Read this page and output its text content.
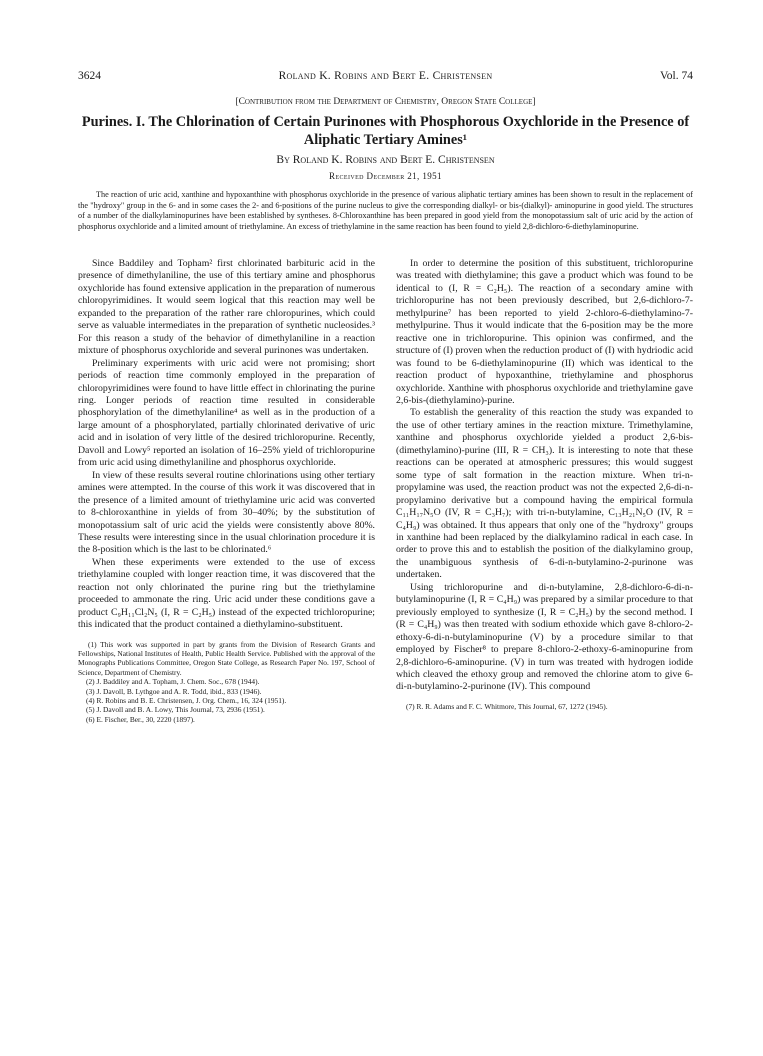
3624	Roland K. Robins and Bert E. Christensen	Vol. 74
[Contribution from the Department of Chemistry, Oregon State College]
Purines. I. The Chlorination of Certain Purinones with Phosphorous Oxychloride in the Presence of Aliphatic Tertiary Amines¹
By Roland K. Robins and Bert E. Christensen
Received December 21, 1951

The reaction of uric acid, xanthine and hypoxanthine with phosphorus oxychloride in the presence of various aliphatic tertiary amines has been shown to result in the replacement of the "hydroxy" group in the 6- and in some cases the 2- and 6-positions of the purine nucleus to give the corresponding dialkyl- or bis-(dialkyl)- aminopurine in good yield. The structures of a number of the dialkylaminopurines have been established by syntheses. 8-Chloroxanthine has been prepared in good yield from the monopotassium salt of uric acid by the action of phosphorus oxychloride and a limited amount of triethylamine. An excess of triethylamine in the same reaction has been found to yield 2,8-dichloro-6-diethylaminopurine.

Since Baddiley and Topham² first chlorinated barbituric acid in the presence of dimethylaniline, the use of this tertiary amine and phosphorus oxychloride has found extensive application in the preparation of numerous chloropyrimidines. It would seem logical that this reaction may well be expanded to the preparation of the rather rare chloropurines, which could serve as valuable intermediates in the preparation of synthetic nucleosides.³ For this reason a study of the behavior of dimethylaniline in a reaction mixture of phosphorus oxychloride and several purinones was undertaken.

Preliminary experiments with uric acid were not promising; short periods of reaction time commonly employed in the preparation of chloropyrimidines were found to have little effect in chlorinating the purine ring. Longer periods of reaction time resulted in considerable phosphorylation of the dimethylaniline⁴ as well as in the production of a large amount of a phosphorylated, partially chlorinated derivative of uric acid and in isolation of very little of the desired trichloropurine. Recently, Davoll and Lowy⁵ reported an isolation of 16–25% yield of trichloropurine from uric acid using dimethylaniline and phosphorus oxychloride.

In view of these results several routine chlorinations using other tertiary amines were attempted. In the course of this work it was discovered that in the presence of a limited amount of triethylamine uric acid was converted to 8-chloroxanthine in yields of from 30–40%; by the substitution of monopotassium salt of uric acid the yields were consistently above 80%. These results were interesting since in the usual chlorination procedure it is the 8-position which is the last to be chlorinated.⁶

When these experiments were extended to the use of excess triethylamine coupled with longer reaction time, it was discovered that the reaction not only chlorinated the purine ring but the triethylamine proceeded to ammonate the ring. Uric acid under these conditions gave a product C₉H₁₁Cl₂N₅ (I, R = C₂H₅) instead of the expected trichloropurine; this indicated that the product contained a diethylamino-substituent.

(1) This work was supported in part by grants from the Division of Research Grants and Fellowships, National Institutes of Health, Public Health Service. Published with the approval of the Monographs Publications Committee, Oregon State College, as Research Paper No. 197, School of Science, Department of Chemistry.

(2) J. Baddiley and A. Topham, J. Chem. Soc., 678 (1944).

(3) J. Davoll, B. Lythgoe and A. R. Todd, ibid., 833 (1946).

(4) R. Robins and B. E. Christensen, J. Org. Chem., 16, 324 (1951).

(5) J. Davoll and B. A. Lowy, This Journal, 73, 2936 (1951).

(6) E. Fischer, Ber., 30, 2220 (1897).

In order to determine the position of this substituent, trichloropurine was treated with diethylamine; this gave a product which was found to be identical to (I, R = C₂H₅). The reaction of a secondary amine with trichloropurine has not been previously described, but 2,6-dichloro-7-methylpurine⁷ has been reported to yield 2-chloro-6-diethylamino-7-methylpurine. Thus it would indicate that the 6-position may be the more reactive one in trichloropurine. This opinion was confirmed, and the structure of (I) proven when the reduction product of (I) with hydriodic acid was found to be 6-diethylaminopurine (II) which was identical to the reaction product of hypoxanthine, triethylamine and phosphorus oxychloride. Xanthine with phosphorus oxychloride and triethylamine gave 2,6-bis-(diethylamino)-purine.

To establish the generality of this reaction the study was expanded to the use of other tertiary amines in the reaction mixture. Trimethylamine, xanthine and phosphorus oxychloride yielded a product 2,6-bis-(dimethylamino)-purine (III, R = CH₃). It is interesting to note that these reactions can be operated at atmospheric pressures; this would suggest some type of salt formation in the reaction mixture. When tri-n-propylamine was used, the reaction product was not the expected 2,6-di-n-propylamino derivative but a compound having the empirical formula C₁₁H₁₇N₅O (IV, R = C₃H₇); with tri-n-butylamine, C₁₃H₂₁N₅O (IV, R = C₄H₉) was obtained. It thus appears that only one of the "hydroxy" groups in xanthine had been replaced by the dialkylamino radical in each case. In order to prove this and to establish the position of the dialkylamino group, the unambiguous synthesis of 6-di-n-butylamino-2-purinone was undertaken.

Using trichloropurine and di-n-butylamine, 2,8-dichloro-6-di-n-butylaminopurine (I, R = C₄H₉) was prepared by a similar procedure to that previously employed to synthesize (I, R = C₂H₅) by the second method. I (R = C₄H₉) was then treated with sodium ethoxide which gave 8-chloro-2-ethoxy-6-di-n-butylaminopurine (V) by a procedure similar to that employed by Fischer⁸ to prepare 8-chloro-2-ethoxy-6-aminopurine from 2,8-dichloro-6-aminopurine. (V) in turn was treated with hydrogen iodide which cleaved the ethoxy group and removed the chlorine atom to give 6-di-n-butylamino-2-purinone (IV). This compound

(7) R. R. Adams and F. C. Whitmore, This Journal, 67, 1272 (1945).
